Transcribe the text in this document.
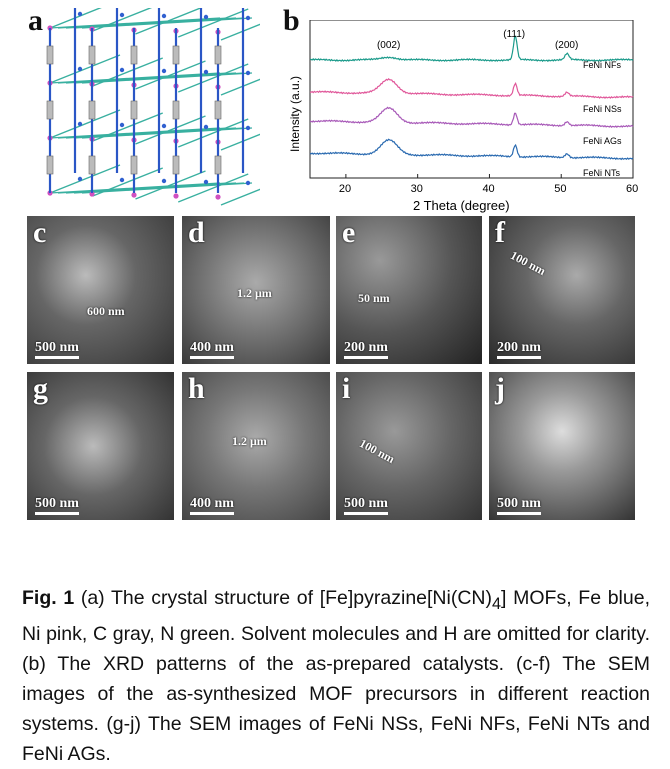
a	b
Intensity (a.u.)
2 Theta (degree)
20	30	40	50	60
(002)
(111)
(200)
FeNi NFs
FeNi NSs
FeNi AGs
FeNi NTs
c
500 nm
600 nm
d
400 nm
1.2 μm
e
200 nm
50 nm
f
200 nm
100 nm
g
500 nm
h
400 nm
1.2 μm
i
500 nm
100 nm
j
500 nm
Fig. 1 (a) The crystal structure of $[Fe]pyrazine[Ni(CN)_4]$ MOFs, Fe blue, Ni pink, C gray, N green. Solvent molecules and H are omitted for clarity. (b) The XRD patterns of the as-prepared catalysts. (c-f) The SEM images of the as-synthesized MOF precursors in different reaction systems. (g-j) The SEM images of FeNi NSs, FeNi NFs, FeNi NTs and FeNi AGs.
